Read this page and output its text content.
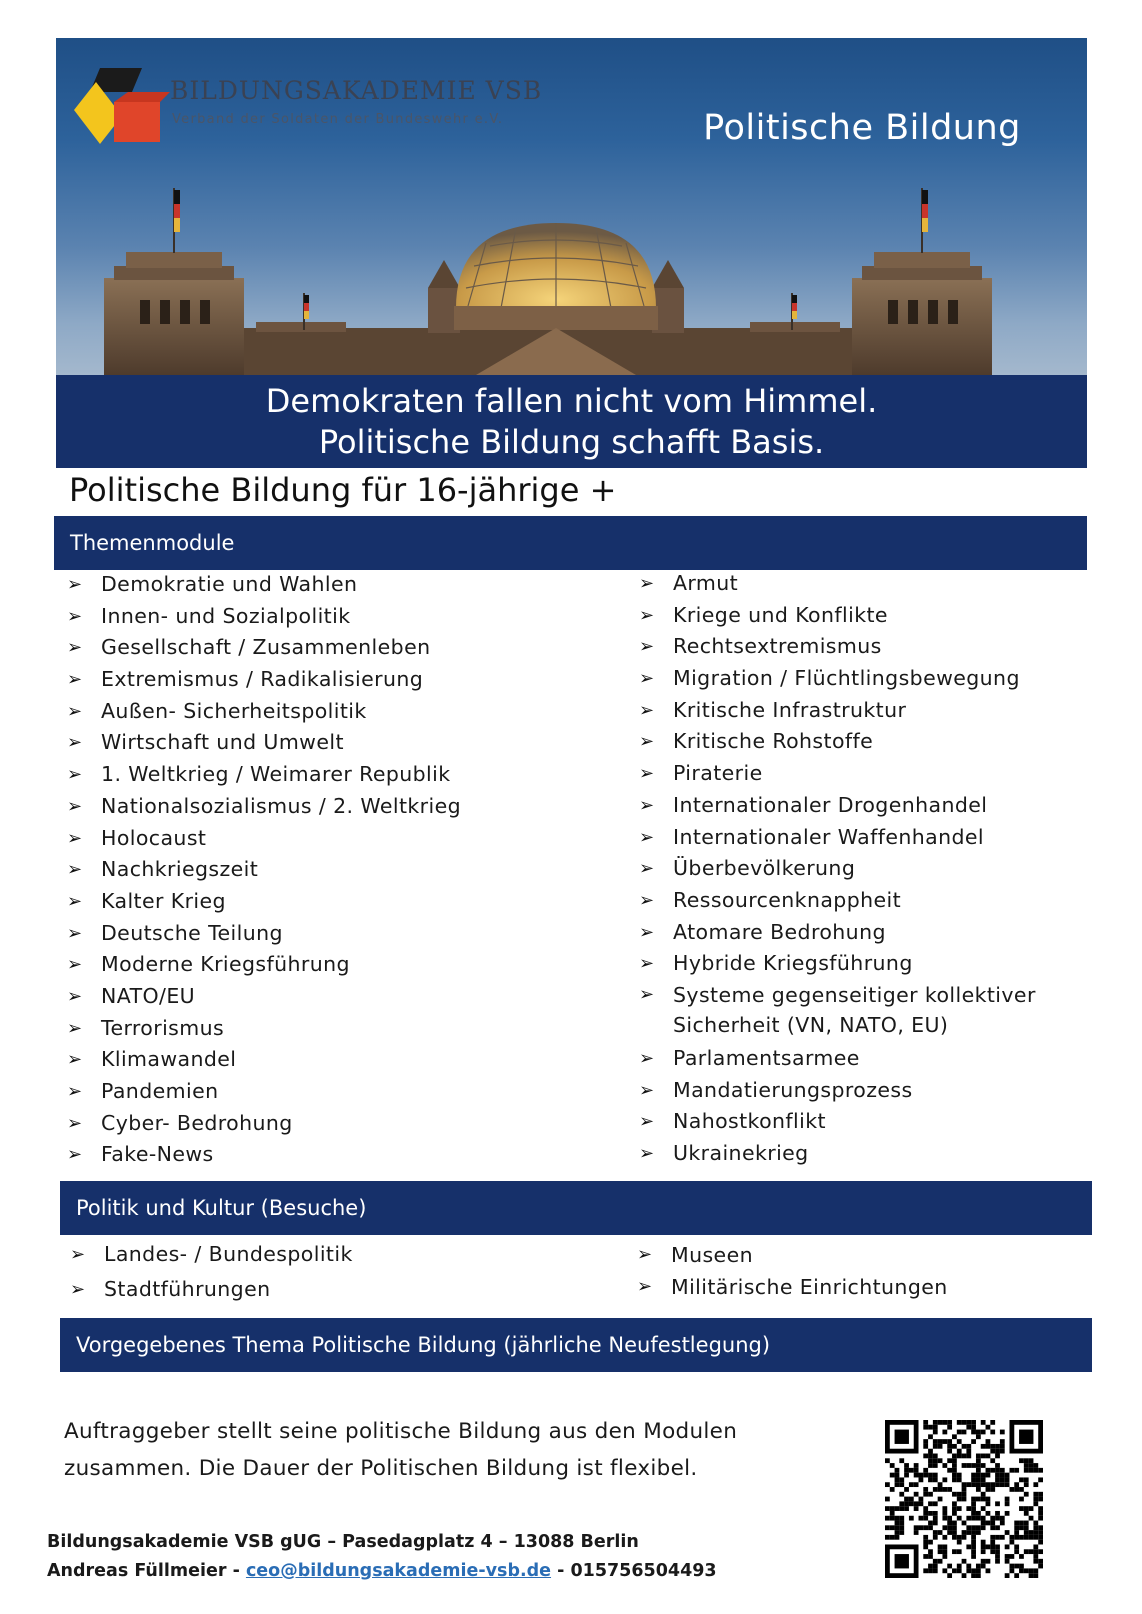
BILDUNGSAKADEMIE VSB
Verband der Soldaten der Bundeswehr e.V.	Politische Bildung
Demokraten fallen nicht vom Himmel.
Politische Bildung schafft Basis.
Politische Bildung für 16-jährige +
Themenmodule
➢ Demokratie und Wahlen
➢ Innen- und Sozialpolitik
➢ Gesellschaft / Zusammenleben
➢ Extremismus / Radikalisierung
➢ Außen- Sicherheitspolitik
➢ Wirtschaft und Umwelt
➢ 1. Weltkrieg / Weimarer Republik
➢ Nationalsozialismus / 2. Weltkrieg
➢ Holocaust
➢ Nachkriegszeit
➢ Kalter Krieg
➢ Deutsche Teilung
➢ Moderne Kriegsführung
➢ NATO/EU
➢ Terrorismus
➢ Klimawandel
➢ Pandemien
➢ Cyber- Bedrohung
➢ Fake-News
➢ Armut
➢ Kriege und Konflikte
➢ Rechtsextremismus
➢ Migration / Flüchtlingsbewegung
➢ Kritische Infrastruktur
➢ Kritische Rohstoffe
➢ Piraterie
➢ Internationaler Drogenhandel
➢ Internationaler Waffenhandel
➢ Überbevölkerung
➢ Ressourcenknappheit
➢ Atomare Bedrohung
➢ Hybride Kriegsführung
➢ Systeme gegenseitiger kollektiver Sicherheit (VN, NATO, EU)
➢ Parlamentsarmee
➢ Mandatierungsprozess
➢ Nahostkonflikt
➢ Ukrainekrieg
Politik und Kultur (Besuche)
➢ Landes- / Bundespolitik
➢ Stadtführungen
➢ Museen
➢ Militärische Einrichtungen
Vorgegebenes Thema Politische Bildung (jährliche Neufestlegung)
Auftraggeber stellt seine politische Bildung aus den Modulen
zusammen. Die Dauer der Politischen Bildung ist flexibel.
Bildungsakademie VSB gUG – Pasedagplatz 4 – 13088 Berlin
Andreas Füllmeier - ceo@bildungsakademie-vsb.de - 015756504493
